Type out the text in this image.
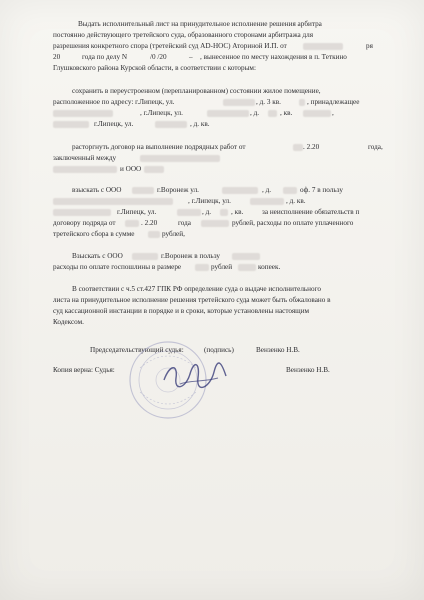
Выдать исполнительный лист на принудительное исполнение решения арбитра
постоянно действующего третейского суда, образованного сторонами арбитража для
разрешения конкретного спора (третейский суд AD-HOC) Аториной И.П. от	ря
20	года по делу N	/0 /20	– , вынесенное по месту нахождения в п. Теткино
Глушковского района Курской области, в соответствии с которым:
сохранить в переустроенном (перепланированном) состоянии жилое помещение,
расположенное по адресу: г.Липецк, ул.	, д. 3 кв.	, принадлежащее
, г.Липецк, ул.	, д.	, кв.	,
г.Липецк, ул.	, д. кв.
расторгнуть договор на выполнение подрядных работ от	. 2.20	года,
заключенный между
и ООО
взыскать с ООО	г.Воронеж ул.	, д.	оф. 7 в пользу
, г.Липецк, ул.	, д. кв.
г.Липецк, ул.	, д.	, кв.	за неисполнение обязательств п
договору подряда от	. 2.20	года	рублей, расходы по оплате уплаченного
третейского сбора в сумме	рублей,
Взыскать с ООО	г.Воронеж в пользу
расходы по оплате госпошлины в размере	рублей	копеек.
В соответствии с ч.5 ст.427 ГПК РФ определение суда о выдаче исполнительного
листа на принудительное исполнение решения третейского суда может быть обжаловано в
суд кассационной инстанции в порядке и в сроки, которые установлены настоящим
Кодексом.
Председательствующий судья:	(подпись)	Вензенко Н.В.
Копия верна: Судья:	Вензенко Н.В.
